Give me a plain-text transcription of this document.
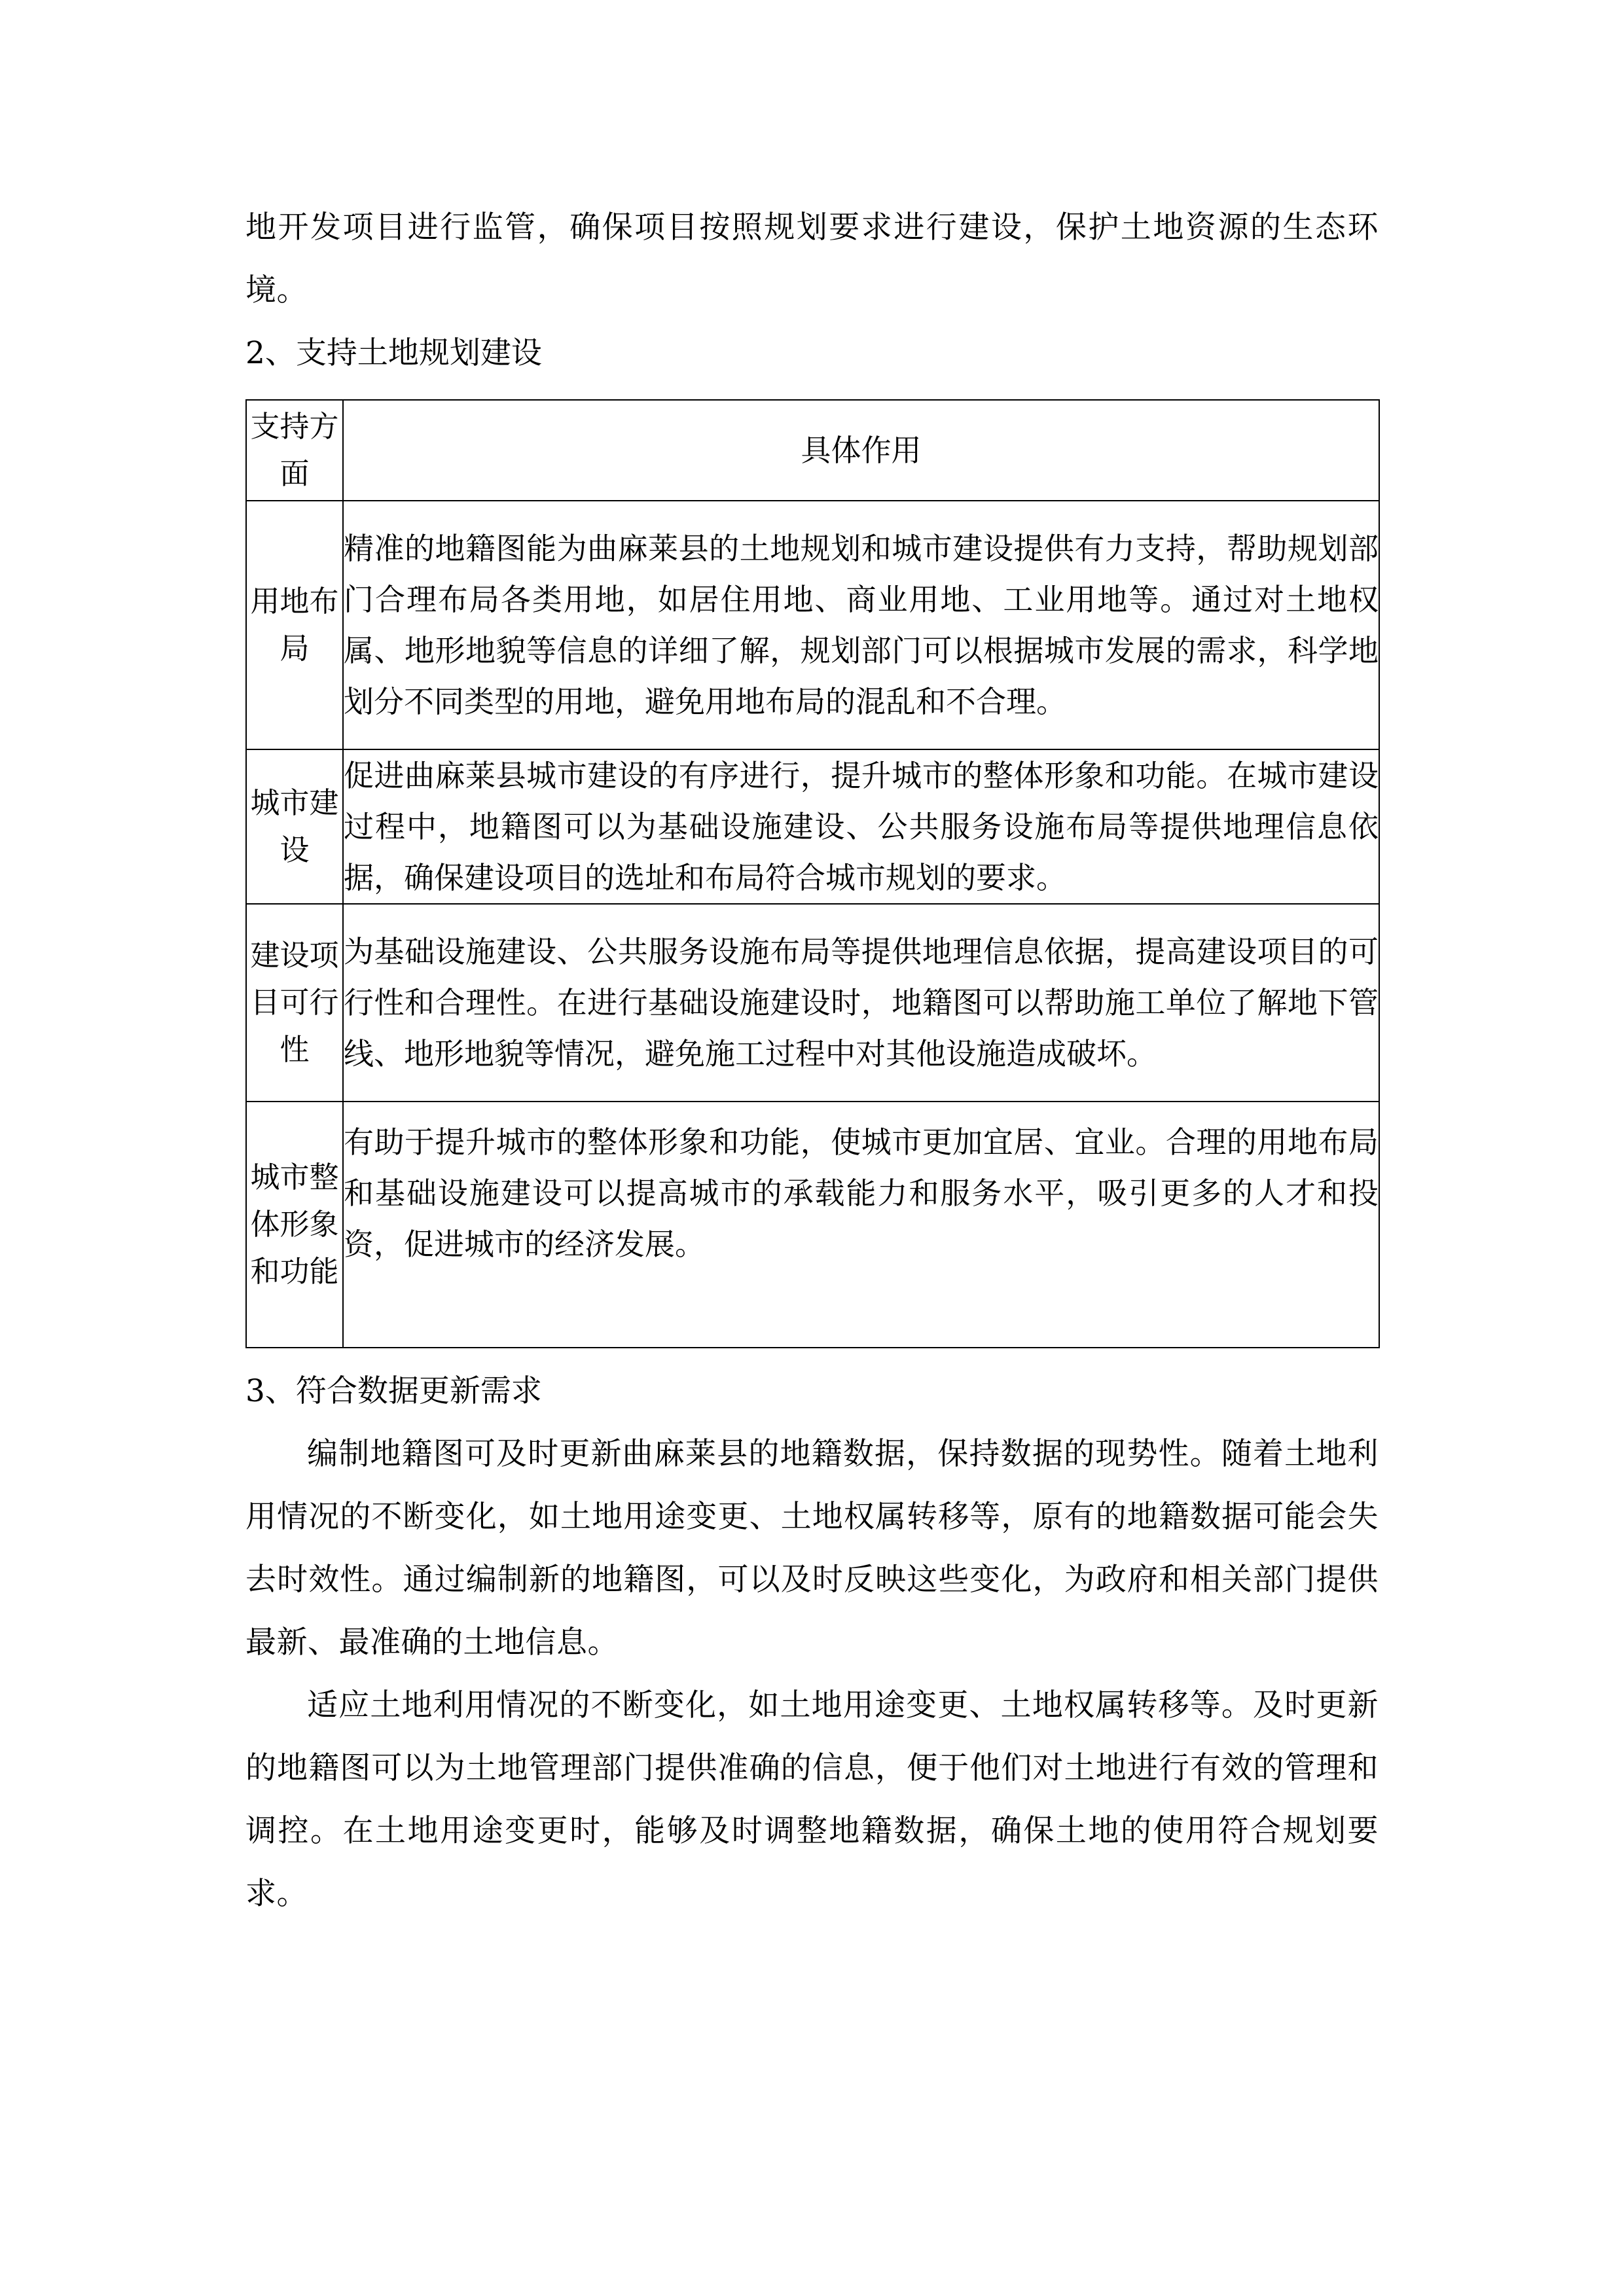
地开发项目进行监管，确保项目按照规划要求进行建设，保护土地资源的生态环境。

2、支持土地规划建设
支持方面	具体作用
用地布局	精准的地籍图能为曲麻莱县的土地规划和城市建设提供有力支持，帮助规划部门合理布局各类用地，如居住用地、商业用地、工业用地等。通过对土地权属、地形地貌等信息的详细了解，规划部门可以根据城市发展的需求，科学地划分不同类型的用地，避免用地布局的混乱和不合理。
城市建设	促进曲麻莱县城市建设的有序进行，提升城市的整体形象和功能。在城市建设过程中，地籍图可以为基础设施建设、公共服务设施布局等提供地理信息依据，确保建设项目的选址和布局符合城市规划的要求。
建设项目可行性	为基础设施建设、公共服务设施布局等提供地理信息依据，提高建设项目的可行性和合理性。在进行基础设施建设时，地籍图可以帮助施工单位了解地下管线、地形地貌等情况，避免施工过程中对其他设施造成破坏。
城市整体形象和功能	有助于提升城市的整体形象和功能，使城市更加宜居、宜业。合理的用地布局和基础设施建设可以提高城市的承载能力和服务水平，吸引更多的人才和投资，促进城市的经济发展。
3、符合数据更新需求

编制地籍图可及时更新曲麻莱县的地籍数据，保持数据的现势性。随着土地利用情况的不断变化，如土地用途变更、土地权属转移等，原有的地籍数据可能会失去时效性。通过编制新的地籍图，可以及时反映这些变化，为政府和相关部门提供最新、最准确的土地信息。

适应土地利用情况的不断变化，如土地用途变更、土地权属转移等。及时更新的地籍图可以为土地管理部门提供准确的信息，便于他们对土地进行有效的管理和调控。在土地用途变更时，能够及时调整地籍数据，确保土地的使用符合规划要求。
